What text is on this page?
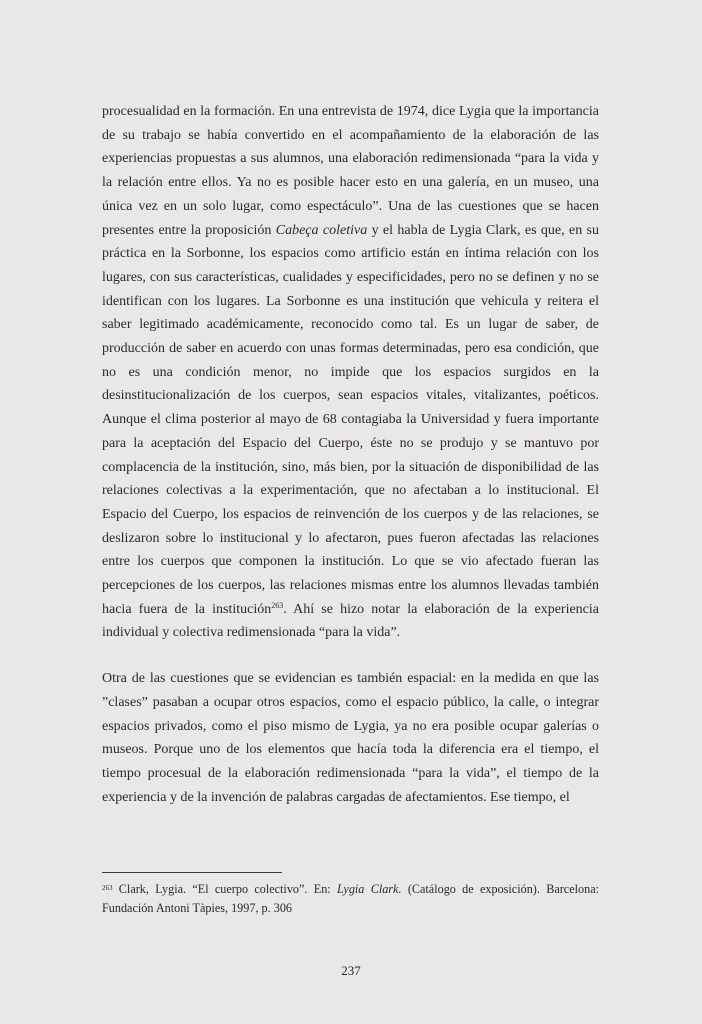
procesualidad en la formación. En una entrevista de 1974, dice Lygia que la importancia de su trabajo se había convertido en el acompañamiento de la elaboración de las experiencias propuestas a sus alumnos, una elaboración redimensionada “para la vida y la relación entre ellos. Ya no es posible hacer esto en una galería, en un museo, una única vez en un solo lugar, como espectáculo”. Una de las cuestiones que se hacen presentes entre la proposición Cabeça coletiva y el habla de Lygia Clark, es que, en su práctica en la Sorbonne, los espacios como artificio están en íntima relación con los lugares, con sus características, cualidades y especificidades, pero no se definen y no se identifican con los lugares. La Sorbonne es una institución que vehicula y reitera el saber legitimado académicamente, reconocido como tal. Es un lugar de saber, de producción de saber en acuerdo con unas formas determinadas, pero esa condición, que no es una condición menor, no impide que los espacios surgidos en la desinstitucionalización de los cuerpos, sean espacios vitales, vitalizantes, poéticos. Aunque el clima posterior al mayo de 68 contagiaba la Universidad y fuera importante para la aceptación del Espacio del Cuerpo, éste no se produjo y se mantuvo por complacencia de la institución, sino, más bien, por la situación de disponibilidad de las relaciones colectivas a la experimentación, que no afectaban a lo institucional. El Espacio del Cuerpo, los espacios de reinvención de los cuerpos y de las relaciones, se deslizaron sobre lo institucional y lo afectaron, pues fueron afectadas las relaciones entre los cuerpos que componen la institución. Lo que se vio afectado fueran las percepciones de los cuerpos, las relaciones mismas entre los alumnos llevadas también hacia fuera de la institución$^{263}$. Ahí se hizo notar la elaboración de la experiencia individual y colectiva redimensionada “para la vida”.

Otra de las cuestiones que se evidencian es también espacial: en la medida en que las ”clases” pasaban a ocupar otros espacios, como el espacio público, la calle, o integrar espacios privados, como el piso mismo de Lygia, ya no era posible ocupar galerías o museos. Porque uno de los elementos que hacía toda la diferencia era el tiempo, el tiempo procesual de la elaboración redimensionada “para la vida”, el tiempo de la experiencia y de la invención de palabras cargadas de afectamientos. Ese tiempo, el

$^{263}$ Clark, Lygia. “El cuerpo colectivo”. En: Lygia Clark. (Catálogo de exposición). Barcelona: Fundación Antoni Tàpies, 1997, p. 306
237
